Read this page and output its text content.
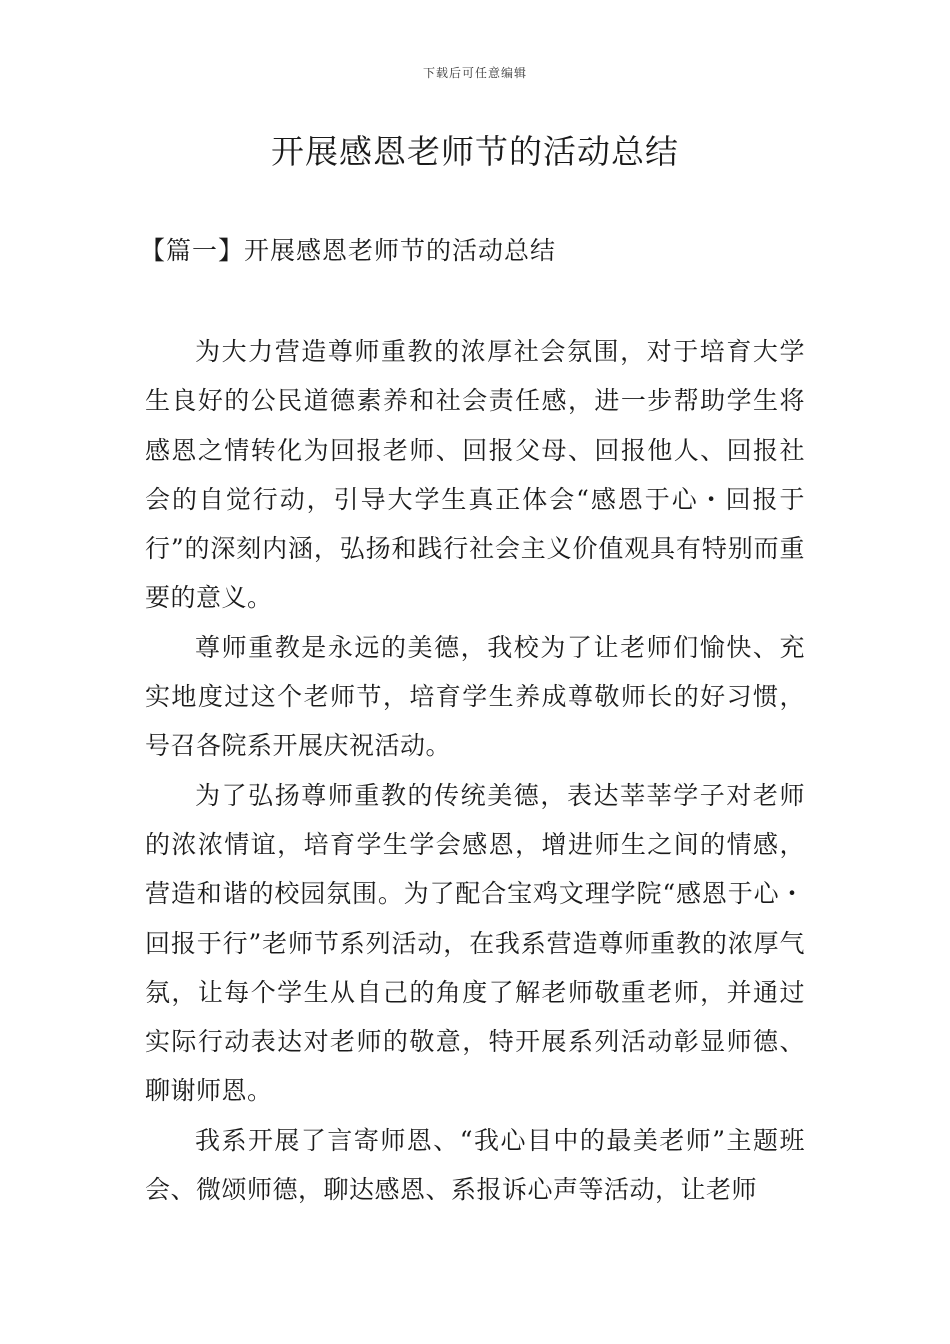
下载后可任意编辑
开展感恩老师节的活动总结
【篇一】开展感恩老师节的活动总结

为大力营造尊师重教的浓厚社会氛围，对于培育大学生良好的公民道德素养和社会责任感，进一步帮助学生将感恩之情转化为回报老师、回报父母、回报他人、回报社会的自觉行动，引导大学生真正体会“感恩于心・回报于行”的深刻内涵，弘扬和践行社会主义价值观具有特别而重要的意义。

尊师重教是永远的美德，我校为了让老师们愉快、充实地度过这个老师节，培育学生养成尊敬师长的好习惯，号召各院系开展庆祝活动。

为了弘扬尊师重教的传统美德，表达莘莘学子对老师的浓浓情谊，培育学生学会感恩，增进师生之间的情感，营造和谐的校园氛围。为了配合宝鸡文理学院“感恩于心・回报于行”老师节系列活动，在我系营造尊师重教的浓厚气氛，让每个学生从自己的角度了解老师敬重老师，并通过实际行动表达对老师的敬意，特开展系列活动彰显师德、聊谢师恩。

我系开展了言寄师恩、“我心目中的最美老师”主题班会、微颂师德，聊达感恩、系报诉心声等活动，让老师
